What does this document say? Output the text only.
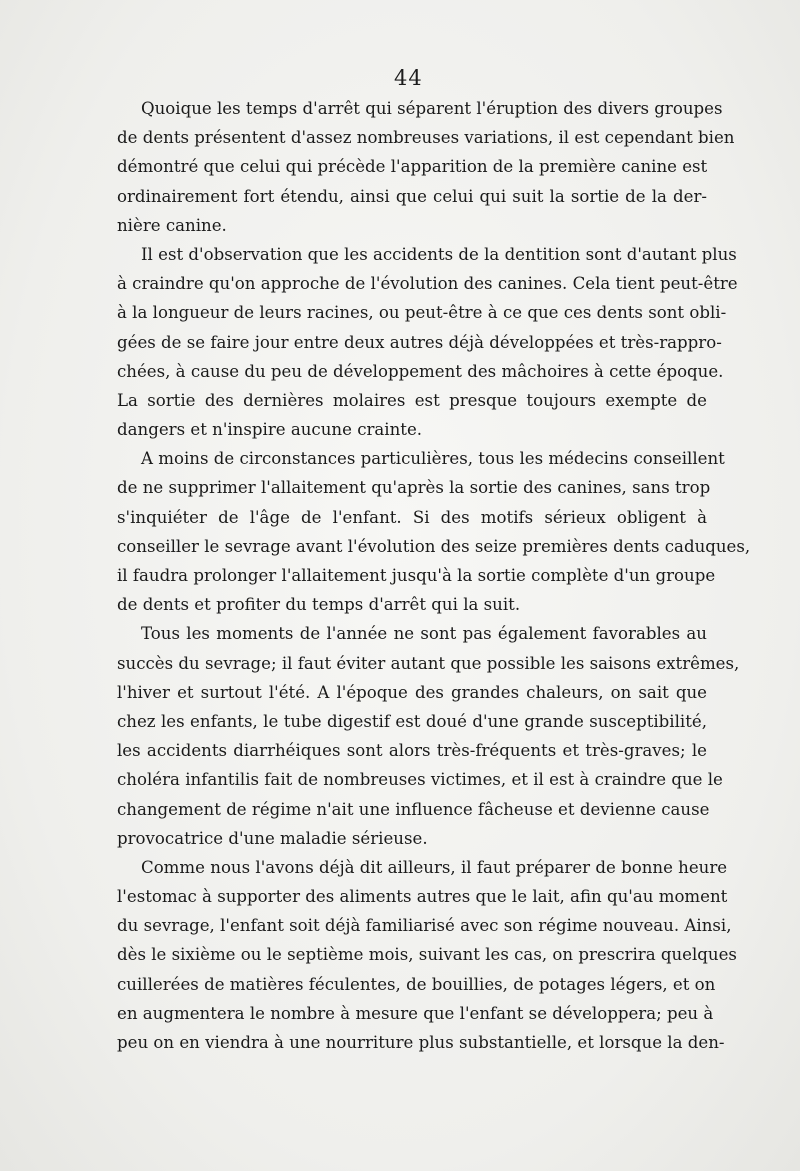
44
Quoique les temps d'arrêt qui séparent l'éruption des divers groupes
de dents présentent d'assez nombreuses variations, il est cependant bien
démontré que celui qui précède l'apparition de la première canine est
ordinairement fort étendu, ainsi que celui qui suit la sortie de la der-
nière canine.
Il est d'observation que les accidents de la dentition sont d'autant plus
à craindre qu'on approche de l'évolution des canines. Cela tient peut-être
à la longueur de leurs racines, ou peut-être à ce que ces dents sont obli-
gées de se faire jour entre deux autres déjà développées et très-rappro-
chées, à cause du peu de développement des mâchoires à cette époque.
La sortie des dernières molaires est presque toujours exempte de
dangers et n'inspire aucune crainte.
A moins de circonstances particulières, tous les médecins conseillent
de ne supprimer l'allaitement qu'après la sortie des canines, sans trop
s'inquiéter de l'âge de l'enfant. Si des motifs sérieux obligent à
conseiller le sevrage avant l'évolution des seize premières dents caduques,
il faudra prolonger l'allaitement jusqu'à la sortie complète d'un groupe
de dents et profiter du temps d'arrêt qui la suit.
Tous les moments de l'année ne sont pas également favorables au
succès du sevrage; il faut éviter autant que possible les saisons extrêmes,
l'hiver et surtout l'été. A l'époque des grandes chaleurs, on sait que
chez les enfants, le tube digestif est doué d'une grande susceptibilité,
les accidents diarrhéiques sont alors très-fréquents et très-graves; le
choléra infantilis fait de nombreuses victimes, et il est à craindre que le
changement de régime n'ait une influence fâcheuse et devienne cause
provocatrice d'une maladie sérieuse.
Comme nous l'avons déjà dit ailleurs, il faut préparer de bonne heure
l'estomac à supporter des aliments autres que le lait, afin qu'au moment
du sevrage, l'enfant soit déjà familiarisé avec son régime nouveau. Ainsi,
dès le sixième ou le septième mois, suivant les cas, on prescrira quelques
cuillerées de matières féculentes, de bouillies, de potages légers, et on
en augmentera le nombre à mesure que l'enfant se développera; peu à
peu on en viendra à une nourriture plus substantielle, et lorsque la den-
